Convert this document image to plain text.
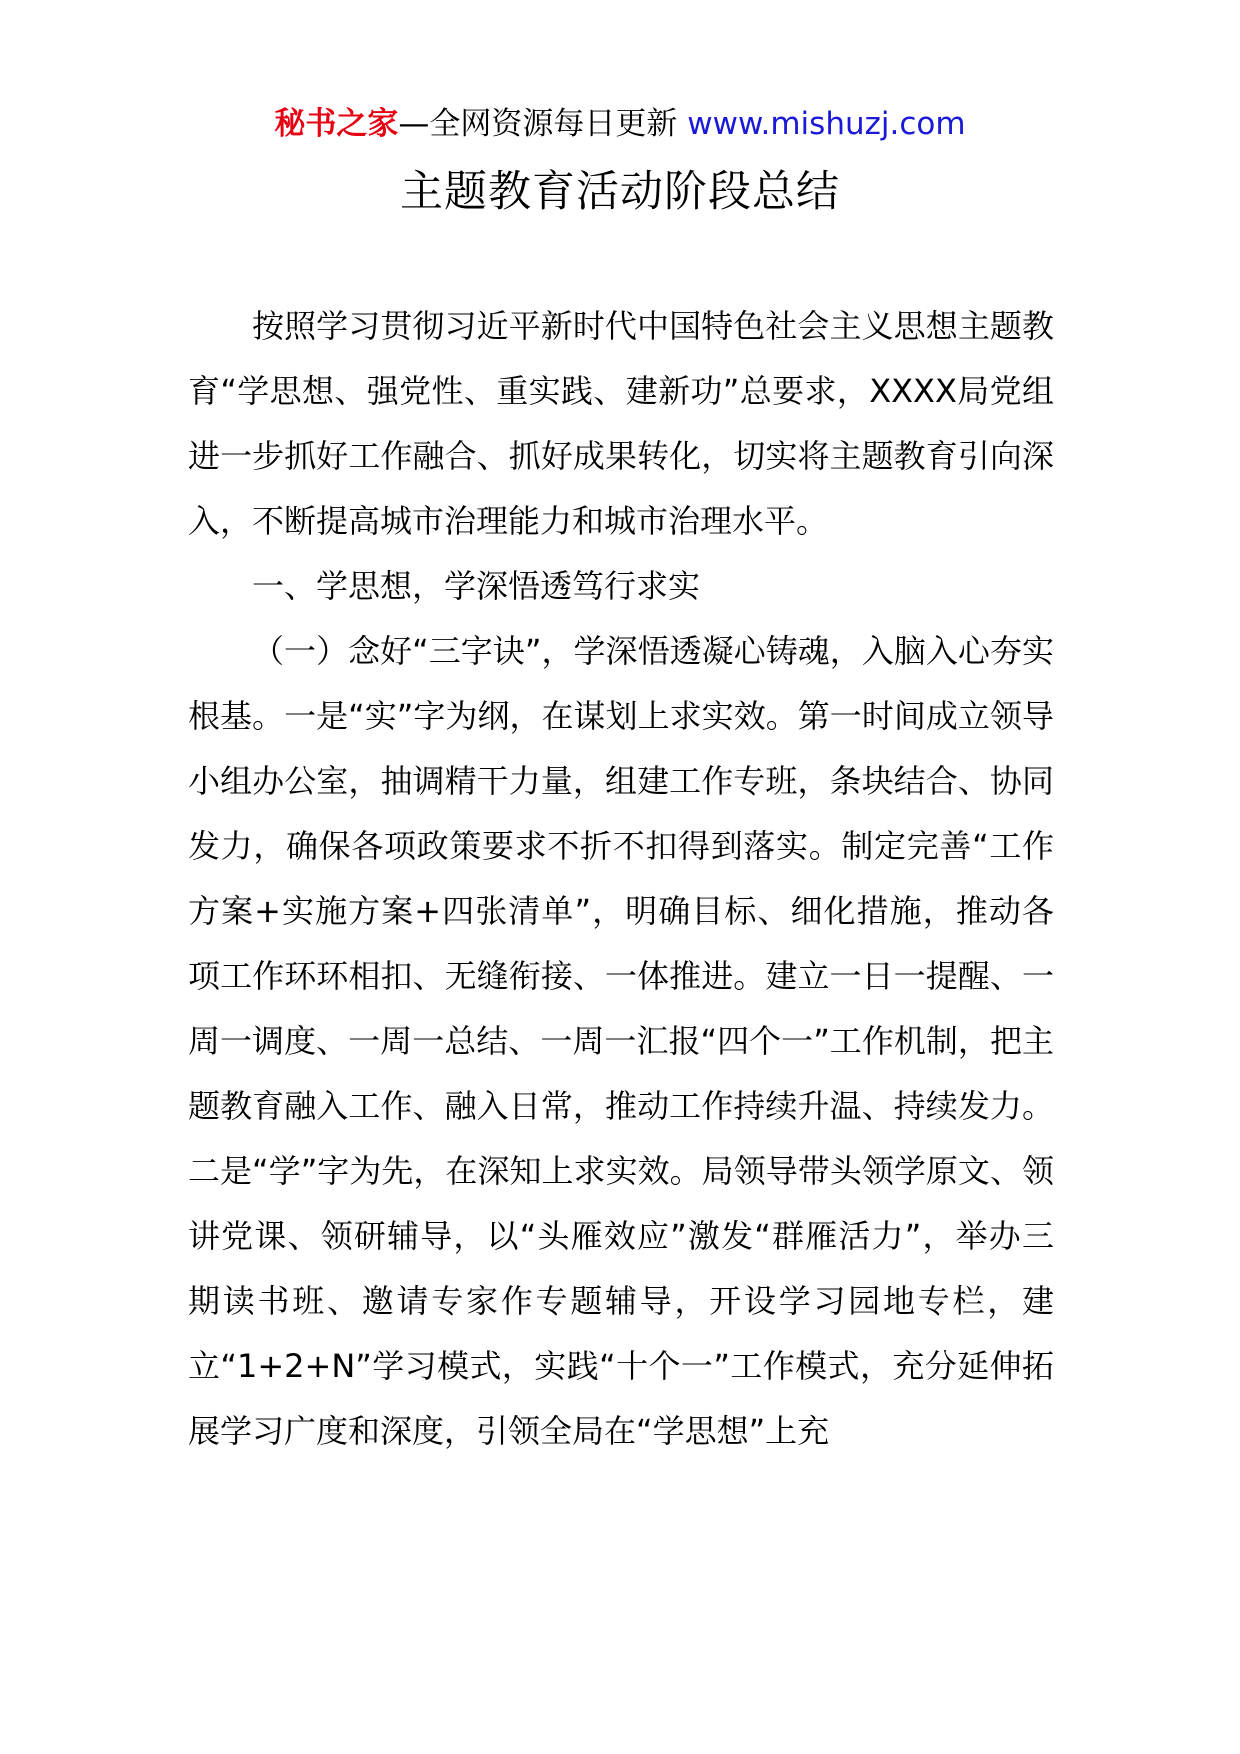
秘书之家—全网资源每日更新 www.mishuzj.com
主题教育活动阶段总结

按照学习贯彻习近平新时代中国特色社会主义思想主题教育“学思想、强党性、重实践、建新功”总要求，XXXX局党组进一步抓好工作融合、抓好成果转化，切实将主题教育引向深入，不断提高城市治理能力和城市治理水平。

一、学思想，学深悟透笃行求实

（一）念好“三字诀”，学深悟透凝心铸魂，入脑入心夯实根基。一是“实”字为纲，在谋划上求实效。第一时间成立领导小组办公室，抽调精干力量，组建工作专班，条块结合、协同发力，确保各项政策要求不折不扣得到落实。制定完善“工作方案+实施方案+四张清单”，明确目标、细化措施，推动各项工作环环相扣、无缝衔接、一体推进。建立一日一提醒、一周一调度、一周一总结、一周一汇报“四个一”工作机制，把主题教育融入工作、融入日常，推动工作持续升温、持续发力。二是“学”字为先，在深知上求实效。局领导带头领学原文、领讲党课、领研辅导，以“头雁效应”激发“群雁活力”，举办三期读书班、邀请专家作专题辅导，开设学习园地专栏，建立“1+2+N”学习模式，实践“十个一”工作模式，充分延伸拓展学习广度和深度，引领全局在“学思想”上充
